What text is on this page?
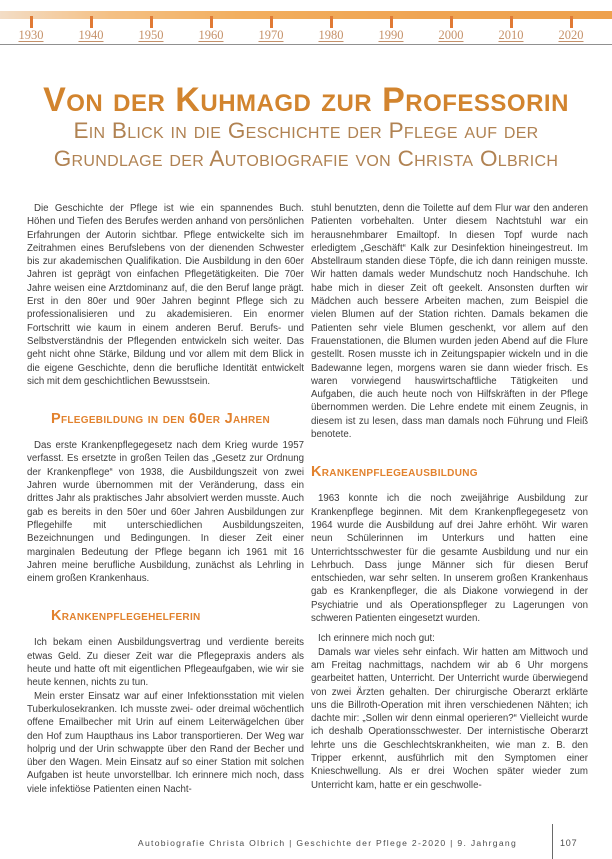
1930	1940	1950	1960	1970	1980	1990	2000	2010	2020
Von der Kuhmagd zur Professorin
Ein Blick in die Geschichte der Pflege auf der
Grundlage der Autobiografie von Christa Olbrich

Die Geschichte der Pflege ist wie ein spannendes Buch. Höhen und Tiefen des Berufes werden anhand von persönlichen Erfahrungen der Autorin sichtbar. Pflege entwickelte sich im Zeitrahmen eines Berufslebens von der dienenden Schwester bis zur akademischen Qualifikation. Die Ausbildung in den 60er Jahren ist geprägt von einfachen Pflegetätigkeiten. Die 70er Jahre weisen eine Arztdominanz auf, die den Beruf lange prägt. Erst in den 80er und 90er Jahren beginnt Pflege sich zu professionalisieren und zu akademisieren. Ein enormer Fortschritt wie kaum in einem anderen Beruf. Berufs- und Selbstverständnis der Pflegenden entwickeln sich weiter. Das geht nicht ohne Stärke, Bildung und vor allem mit dem Blick in die eigene Geschichte, denn die berufliche Identität entwickelt sich mit dem geschichtlichen Bewusstsein.

Pflegebildung in den 60er Jahren

Das erste Krankenpflegegesetz nach dem Krieg wurde 1957 verfasst. Es ersetzte in großen Teilen das „Gesetz zur Ordnung der Krankenpflege“ von 1938, die Ausbildungszeit von zwei Jahren wurde übernommen mit der Veränderung, dass ein drittes Jahr als praktisches Jahr absolviert werden musste. Auch gab es bereits in den 50er und 60er Jahren Ausbildungen zur Pflegehilfe mit unterschiedlichen Ausbildungszeiten, Bezeichnungen und Bedingungen. In dieser Zeit einer marginalen Bedeutung der Pflege begann ich 1961 mit 16 Jahren meine berufliche Ausbildung, zunächst als Lehrling in einem großen Krankenhaus.

Krankenpflegehelferin

Ich bekam einen Ausbildungsvertrag und verdiente bereits etwas Geld. Zu dieser Zeit war die Pflegepraxis anders als heute und hatte oft mit eigentlichen Pflegeaufgaben, wie wir sie heute kennen, nichts zu tun.

Mein erster Einsatz war auf einer Infektionsstation mit vielen Tuberkulosekranken. Ich musste zwei- oder dreimal wöchentlich offene Emailbecher mit Urin auf einem Leiterwägelchen über den Hof zum Haupthaus ins Labor transportieren. Der Weg war holprig und der Urin schwappte über den Rand der Becher und über den Wagen. Mein Einsatz auf so einer Station mit solchen Aufgaben ist heute unvorstellbar. Ich erinnere mich noch, dass viele infektiöse Patienten einen Nacht-

stuhl benutzten, denn die Toilette auf dem Flur war den anderen Patienten vorbehalten. Unter diesem Nachtstuhl war ein herausnehmbarer Emailtopf. In diesen Topf wurde nach erledigtem „Geschäft“ Kalk zur Desinfektion hineingestreut. Im Abstellraum standen diese Töpfe, die ich dann reinigen musste. Wir hatten damals weder Mundschutz noch Handschuhe. Ich habe mich in dieser Zeit oft geekelt. Ansonsten durften wir Mädchen auch bessere Arbeiten machen, zum Beispiel die vielen Blumen auf der Station richten. Damals bekamen die Patienten sehr viele Blumen geschenkt, vor allem auf den Frauenstationen, die Blumen wurden jeden Abend auf die Flure gestellt. Rosen musste ich in Zeitungspapier wickeln und in die Badewanne legen, morgens waren sie dann wieder frisch. Es waren vorwiegend hauswirtschaftliche Tätigkeiten und Aufgaben, die auch heute noch von Hilfskräften in der Pflege übernommen werden. Die Lehre endete mit einem Zeugnis, in diesem ist zu lesen, dass man damals noch Führung und Fleiß benotete.

Krankenpflegeausbildung

1963 konnte ich die noch zweijährige Ausbildung zur Krankenpflege beginnen. Mit dem Krankenpflegegesetz von 1964 wurde die Ausbildung auf drei Jahre erhöht. Wir waren neun Schülerinnen im Unterkurs und hatten eine Unterrichtsschwester für die gesamte Ausbildung und nur ein Lehrbuch. Dass junge Männer sich für diesen Beruf entschieden, war sehr selten. In unserem großen Krankenhaus gab es Krankenpfleger, die als Diakone vorwiegend in der Psychiatrie und als Operationspfleger zu Lagerungen von schweren Patienten eingesetzt wurden.

Ich erinnere mich noch gut:

Damals war vieles sehr einfach. Wir hatten am Mittwoch und am Freitag nachmittags, nachdem wir ab 6 Uhr morgens gearbeitet hatten, Unterricht. Der Unterricht wurde überwiegend von zwei Ärzten gehalten. Der chirurgische Oberarzt erklärte uns die Billroth-Operation mit ihren verschiedenen Nähten; ich dachte mir: „Sollen wir denn einmal operieren?“ Vielleicht wurde ich deshalb Operationsschwester. Der internistische Oberarzt lehrte uns die Geschlechtskrankheiten, wie man z. B. den Tripper erkennt, ausführlich mit den Symptomen einer Knieschwellung. Als er drei Wochen später wieder zum Unterricht kam, hatte er ein geschwolle-

Autobiografie Christa Olbrich | Geschichte der Pflege 2-2020 | 9. Jahrgang	107
